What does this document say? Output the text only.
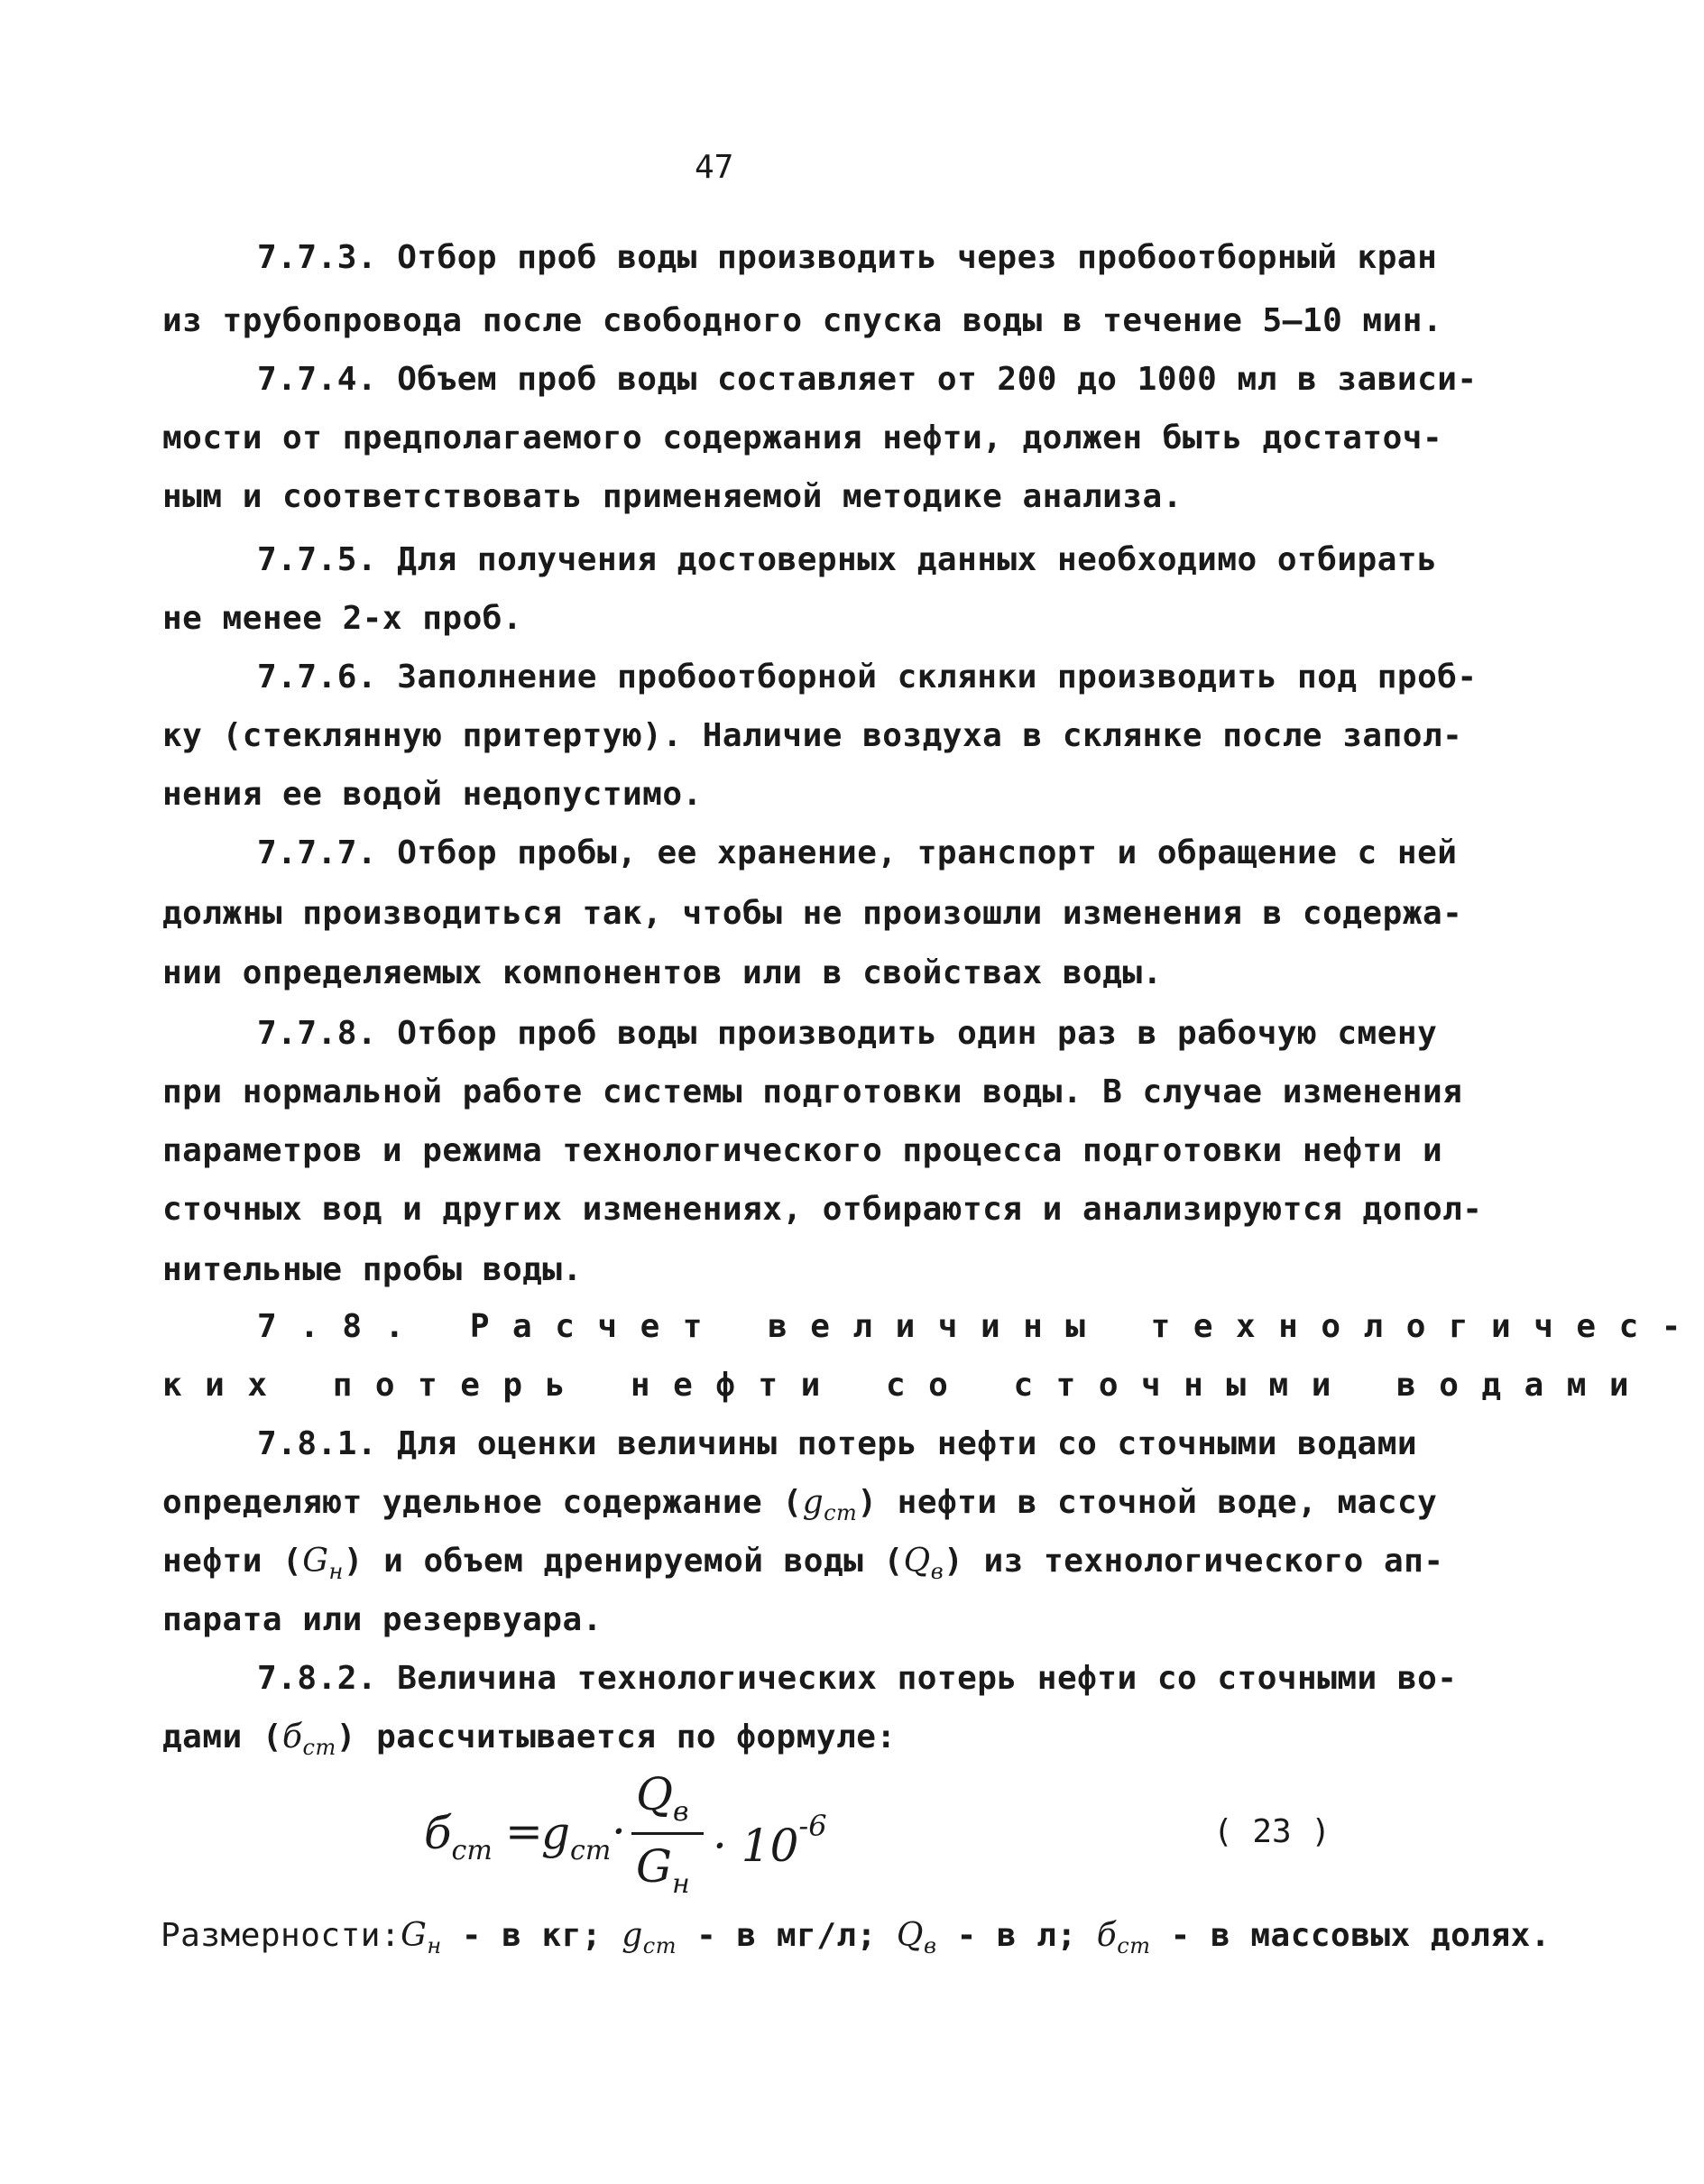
47
7.7.3. Отбор проб воды производить через пробоотборный кран
из трубопровода после свободного спуска воды в течение 5–10 мин.
7.7.4. Объем проб воды составляет от 200 до 1000 мл в зависи-
мости от предполагаемого содержания нефти, должен быть достаточ-
ным и соответствовать применяемой методике анализа.
7.7.5. Для получения достоверных данных необходимо отбирать
не менее 2-х проб.
7.7.6. Заполнение пробоотборной склянки производить под проб-
ку (стеклянную притертую). Наличие воздуха в склянке после запол-
нения ее водой недопустимо.
7.7.7. Отбор пробы, ее хранение, транспорт и обращение с ней
должны производиться так, чтобы не произошли изменения в содержа-
нии определяемых компонентов или в свойствах воды.
7.7.8. Отбор проб воды производить один раз в рабочую смену
при нормальной работе системы подготовки воды. В случае изменения
параметров и режима технологического процесса подготовки нефти и
сточных вод и других изменениях, отбираются и анализируются допол-
нительные пробы воды.
7.8. Расчет величины технологичес-
ких потерь нефти со сточными водами
7.8.1. Для оценки величины потерь нефти со сточными водами
определяют удельное содержание $(g_{ст})$ нефти в сточной воде, массу
нефти $(G_н)$ и объем дренируемой воды $(Q_в)$ из технологического ап-
парата или резервуара.
7.8.2. Величина технологических потерь нефти со сточными во-
дами $(б_{ст})$ рассчитывается по формуле:
$б_{ст}$ =
$g_{ст}$ ·
$Q_в$
$G_н$
· $10^{-6}$	( 23 )
$Размерности:G_н$ - в кг; $g_{ст}$ - в мг/л; $Q_в$ - в л; $б_{ст}$ - в массовых долях.
